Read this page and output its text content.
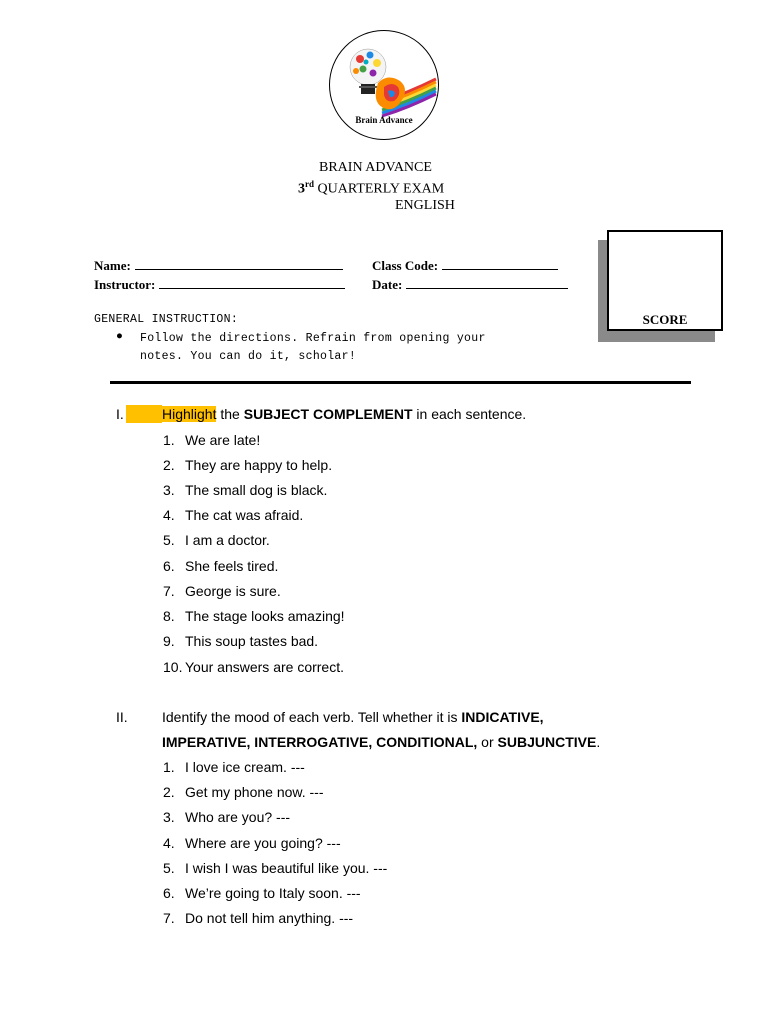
Brain Advance
BRAIN ADVANCE
3rd QUARTERLY EXAM
ENGLISH
Name:	Class Code:
Instructor:	Date:
SCORE
GENERAL INSTRUCTION:
● Follow the directions. Refrain from opening your
notes. You can do it, scholar!
I.	Highlight the SUBJECT COMPLEMENT in each sentence.
1. We are late!
2. They are happy to help.
3. The small dog is black.
4. The cat was afraid.
5. I am a doctor.
6. She feels tired.
7. George is sure.
8. The stage looks amazing!
9. This soup tastes bad.
10. Your answers are correct.
II. Identify the mood of each verb. Tell whether it is INDICATIVE,
IMPERATIVE, INTERROGATIVE, CONDITIONAL, or SUBJUNCTIVE.
1. I love ice cream. ---
2. Get my phone now. ---
3. Who are you? ---
4. Where are you going? ---
5. I wish I was beautiful like you. ---
6. We’re going to Italy soon. ---
7. Do not tell him anything. ---
